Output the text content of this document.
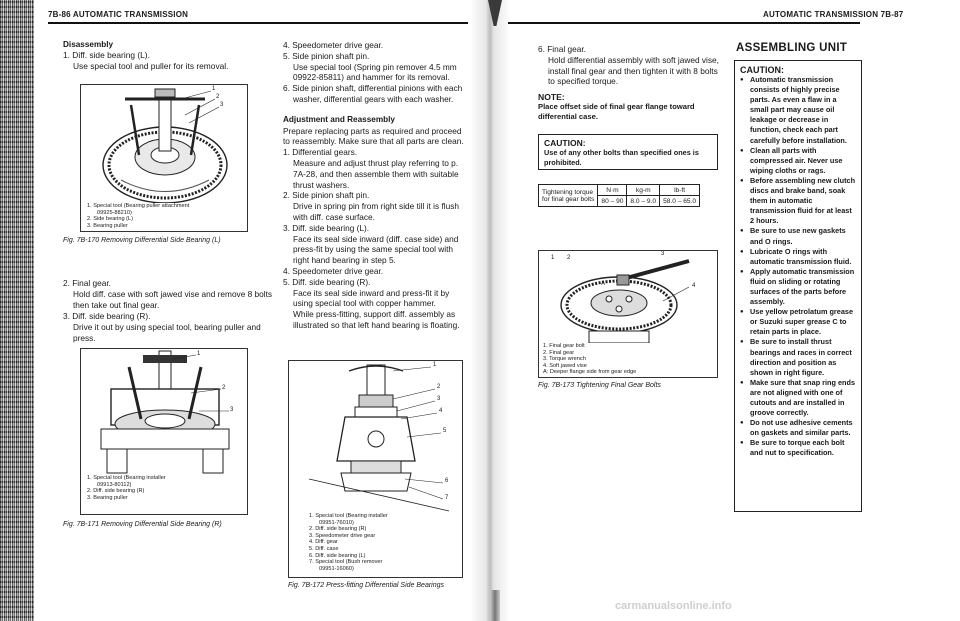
7B-86 AUTOMATIC TRANSMISSION
Disassembly
1. Diff. side bearing (L).
Use special tool and puller for its removal.
1
2
3
1. Special tool (Bearing puller attachment
09925-88210)
2. Side bearing (L)
3. Bearing puller
Fig. 7B-170 Removing Differential Side Bearing (L)
2. Final gear.
Hold diff. case with soft jawed vise and remove 8 bolts then take out final gear.
3. Diff. side bearing (R).
Drive it out by using special tool, bearing puller and press.
1
2
3
1. Special tool (Bearing installer
09913-80112)
2. Diff. side bearing (R)
3. Bearing puller
Fig. 7B-171 Removing Differential Side Bearing (R)
4. Speedometer drive gear.
5. Side pinion shaft pin.
Use special tool (Spring pin remover 4.5 mm 09922-85811) and hammer for its removal.
6. Side pinion shaft, differential pinions with each washer, differential gears with each washer.
Adjustment and Reassembly
Prepare replacing parts as required and proceed to reassembly. Make sure that all parts are clean.
1. Differential gears.
Measure and adjust thrust play referring to p. 7A-28, and then assemble them with suitable thrust washers.
2. Side pinion shaft pin.
Drive in spring pin from right side till it is flush with diff. case surface.
3. Diff. side bearing (L).
Face its seal side inward (diff. case side) and press-fit by using the same special tool with right hand bearing in step 5.
4. Speedometer drive gear.
5. Diff. side bearing (R).
Face its seal side inward and press-fit it by using special tool with copper hammer.
While press-fitting, support diff. assembly as illustrated so that left hand bearing is floating.
1
2
3
4
5
6
7
1. Special tool (Bearing installer
09951-76010)
2. Diff. side bearing (R)
3. Speedometer drive gear
4. Diff. gear
5. Diff. case
6. Diff. side bearing (L)
7. Special tool (Bush remover
09951-16060)
Fig. 7B-172 Press-fitting Differential Side Bearings
AUTOMATIC TRANSMISSION 7B-87
6. Final gear.
Hold differential assembly with soft jawed vise, install final gear and then tighten it with 8 bolts to specified torque.
NOTE:
Place offset side of final gear flange toward differential case.
CAUTION:
Use of any other bolts than specified ones is prohibited.
Tightening torque
for final gear bolts	N·m	kg-m	lb-ft
	80 – 90	8.0 – 9.0	58.0 – 65.0
1 2
3
4
A
1. Final gear bolt
2. Final gear
3. Torque wrench
4. Soft jawed vise
A: Deeper flange side from gear edge
Fig. 7B-173 Tightening Final Gear Bolts
ASSEMBLING UNIT
CAUTION:
● Automatic transmission consists of highly precise parts. As even a flaw in a small part may cause oil leakage or decrease in function, check each part carefully before installation.
● Clean all parts with compressed air. Never use wiping cloths or rags.
● Before assembling new clutch discs and brake band, soak them in automatic transmission fluid for at least 2 hours.
● Be sure to use new gaskets and O rings.
● Lubricate O rings with automatic transmission fluid.
● Apply automatic transmission fluid on sliding or rotating surfaces of the parts before assembly.
● Use yellow petrolatum grease or Suzuki super grease C to retain parts in place.
● Be sure to install thrust bearings and races in correct direction and position as shown in right figure.
● Make sure that snap ring ends are not aligned with one of cutouts and are installed in groove correctly.
● Do not use adhesive cements on gaskets and similar parts.
● Be sure to torque each bolt and nut to specification.
carmanualsonline.info
